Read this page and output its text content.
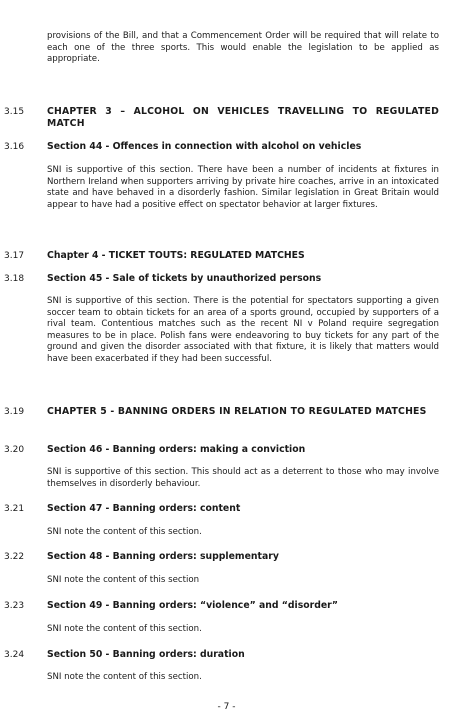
provisions of the Bill, and that a Commencement Order will be required that will relate to each one of the three sports. This would enable the legislation to be applied as appropriate.

3.15 CHAPTER 3 – ALCOHOL ON VEHICLES TRAVELLING TO REGULATED MATCH
3.16 Section 44 - Offences in connection with alcohol on vehicles

SNI is supportive of this section. There have been a number of incidents at fixtures in Northern Ireland when supporters arriving by private hire coaches, arrive in an intoxicated state and have behaved in a disorderly fashion. Similar legislation in Great Britain would appear to have had a positive effect on spectator behavior at larger fixtures.

3.17 Chapter 4 - TICKET TOUTS: REGULATED MATCHES
3.18 Section 45 - Sale of tickets by unauthorized persons

SNI is supportive of this section. There is the potential for spectators supporting a given soccer team to obtain tickets for an area of a sports ground, occupied by supporters of a rival team. Contentious matches such as the recent NI v Poland require segregation measures to be in place. Polish fans were endeavoring to buy tickets for any part of the ground and given the disorder associated with that fixture, it is likely that matters would have been exacerbated if they had been successful.

3.19 CHAPTER 5 - BANNING ORDERS IN RELATION TO REGULATED MATCHES
3.20 Section 46 - Banning orders: making a conviction

SNI is supportive of this section. This should act as a deterrent to those who may involve themselves in disorderly behaviour.

3.21 Section 47 - Banning orders: content

SNI note the content of this section.

3.22 Section 48 - Banning orders: supplementary

SNI note the content of this section

3.23 Section 49 - Banning orders: “violence” and “disorder”

SNI note the content of this section.

3.24 Section 50 - Banning orders: duration

SNI note the content of this section.

- 7 -
